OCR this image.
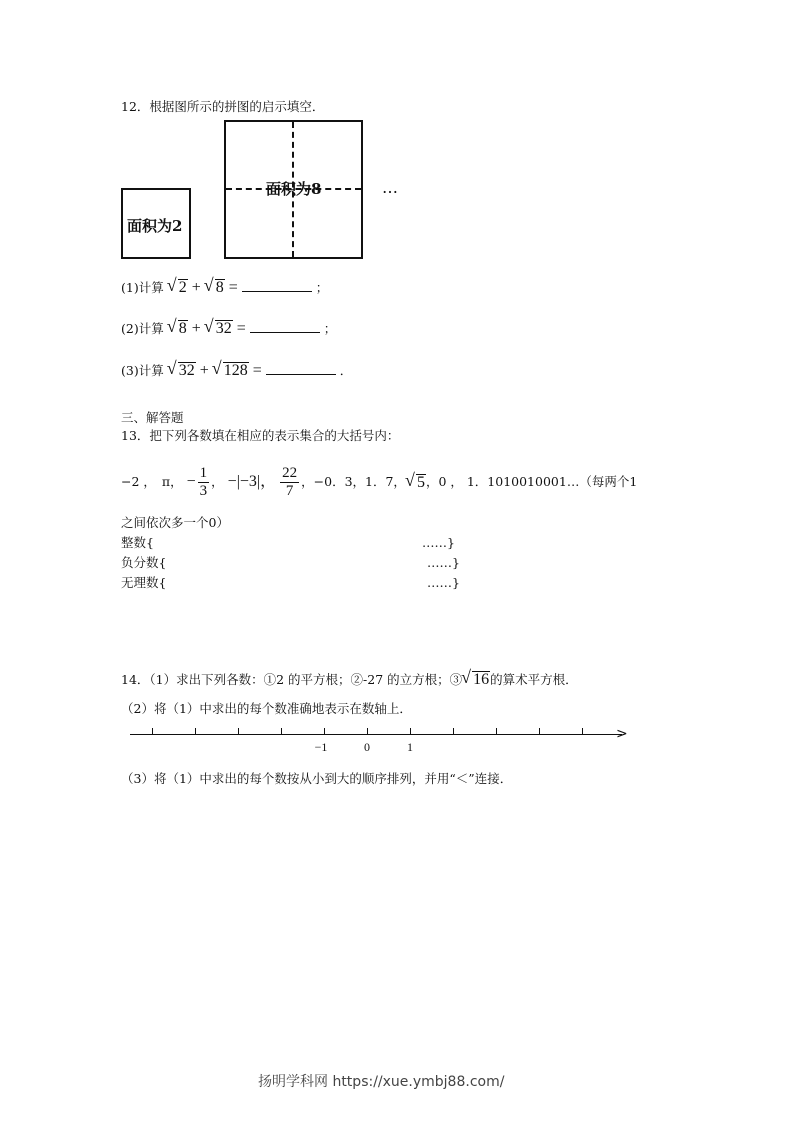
12．根据图所示的拼图的启示填空．
面积为2
面积为8	…
(1)计算 √ 2 + √ 8 =	；
(2)计算 √ 8 + √ 32 =	；
(3)计算 √ 32 + √ 128 =	．
三、解答题
13．把下列各数填在相应的表示集合的大括号内：
−2 ， π， − $\frac{1}{3}$ ， −|−3|， $\frac{22}{7}$ ，−0．3，1．7， √ 5 ，0 ， 1．1010010001…（每两个1
之间依次多一个0）
整数{	……}
负分数{	……}
无理数{	……}
14．（1）求出下列各数：①2 的平方根；②-27 的立方根；③ √ 16 的算术平方根．
（2）将（1）中求出的每个数准确地表示在数轴上．
>
−1	0	1
（3）将（1）中求出的每个数按从小到大的顺序排列，并用“＜”连接．
扬明学科网 https://xue.ymbj88.com/
